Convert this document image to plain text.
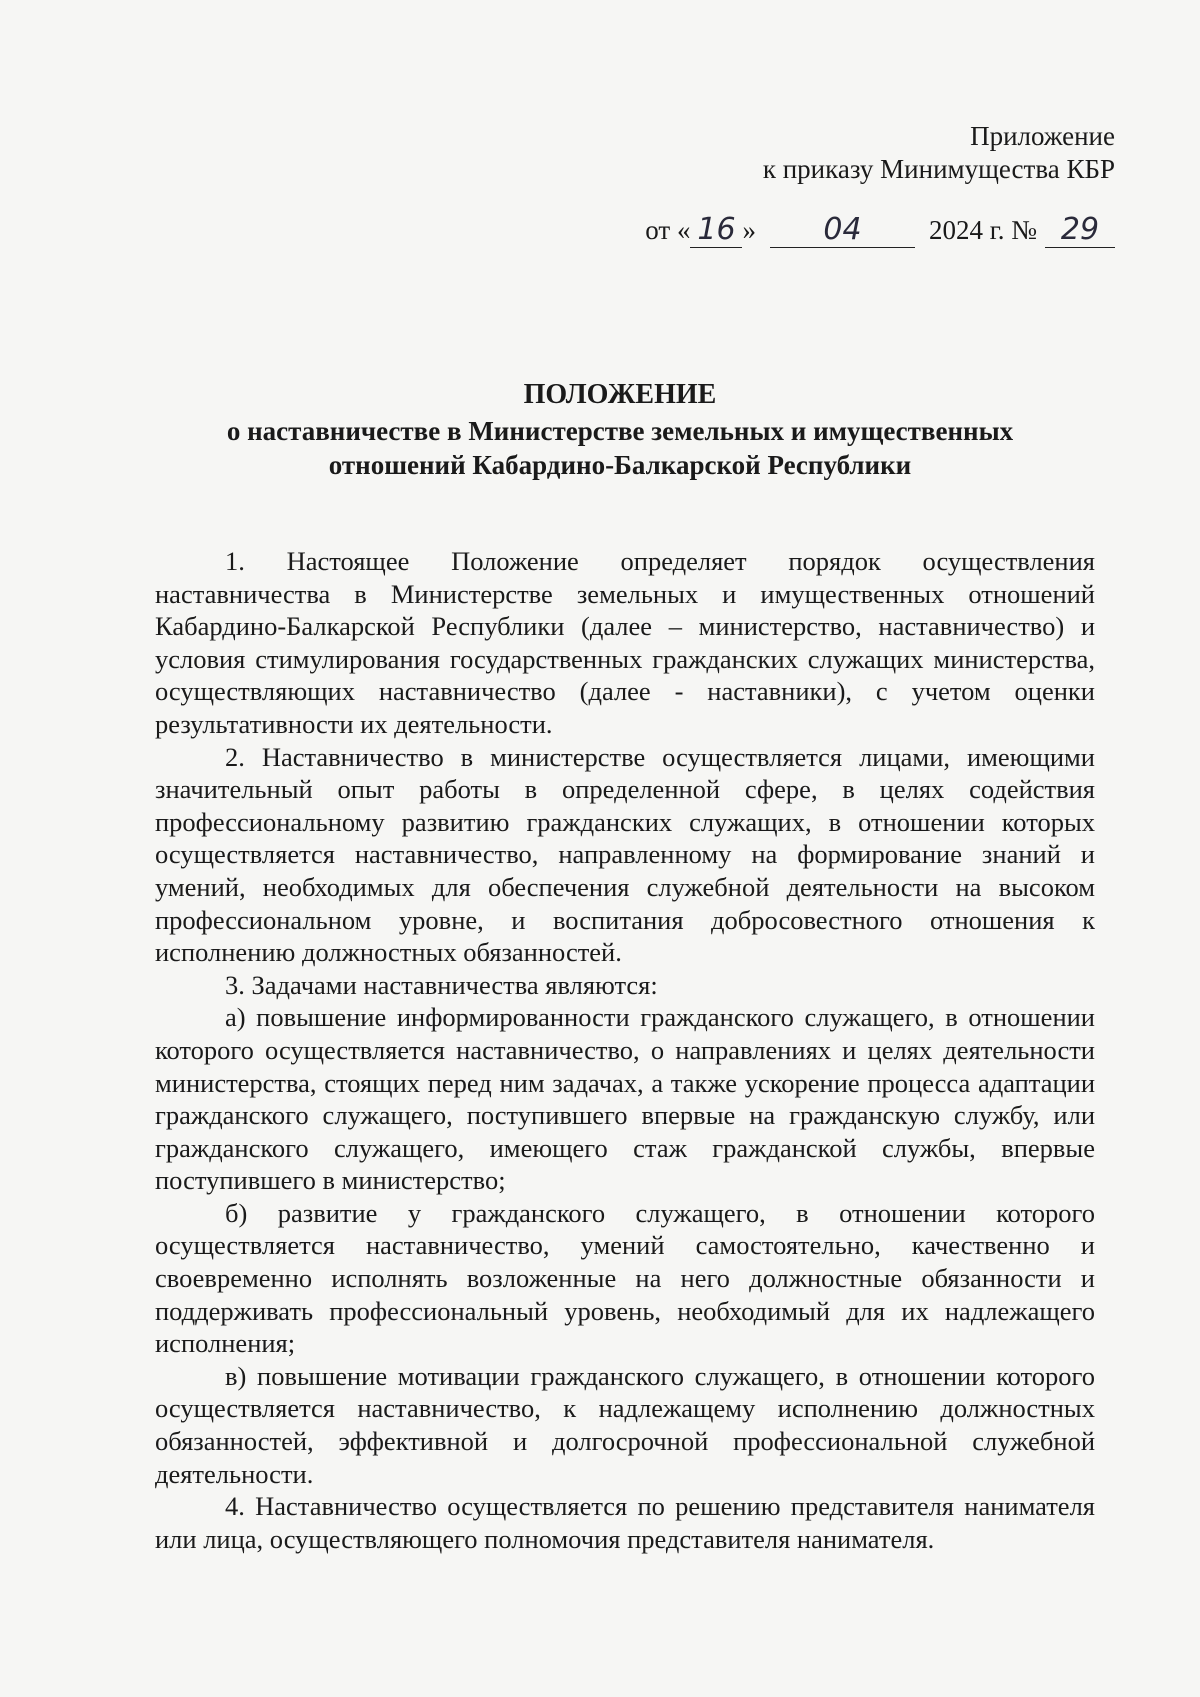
Приложение
к приказу Минимущества КБР
от « 16 » 04 2024 г. № 29
ПОЛОЖЕНИЕ
о наставничестве в Министерстве земельных и имущественных
отношений Кабардино-Балкарской Республики

1. Настоящее Положение определяет порядок осуществления наставничества в Министерстве земельных и имущественных отношений Кабардино-Балкарской Республики (далее – министерство, наставничество) и условия стимулирования государственных гражданских служащих министерства, осуществляющих наставничество (далее - наставники), с учетом оценки результативности их деятельности.

2. Наставничество в министерстве осуществляется лицами, имеющими значительный опыт работы в определенной сфере, в целях содействия профессиональному развитию гражданских служащих, в отношении которых осуществляется наставничество, направленному на формирование знаний и умений, необходимых для обеспечения служебной деятельности на высоком профессиональном уровне, и воспитания добросовестного отношения к исполнению должностных обязанностей.

3. Задачами наставничества являются:

а) повышение информированности гражданского служащего, в отношении которого осуществляется наставничество, о направлениях и целях деятельности министерства, стоящих перед ним задачах, а также ускорение процесса адаптации гражданского служащего, поступившего впервые на гражданскую службу, или гражданского служащего, имеющего стаж гражданской службы, впервые поступившего в министерство;

б) развитие у гражданского служащего, в отношении которого осуществляется наставничество, умений самостоятельно, качественно и своевременно исполнять возложенные на него должностные обязанности и поддерживать профессиональный уровень, необходимый для их надлежащего исполнения;

в) повышение мотивации гражданского служащего, в отношении которого осуществляется наставничество, к надлежащему исполнению должностных обязанностей, эффективной и долгосрочной профессиональной служебной деятельности.

4. Наставничество осуществляется по решению представителя нанимателя или лица, осуществляющего полномочия представителя нанимателя.
